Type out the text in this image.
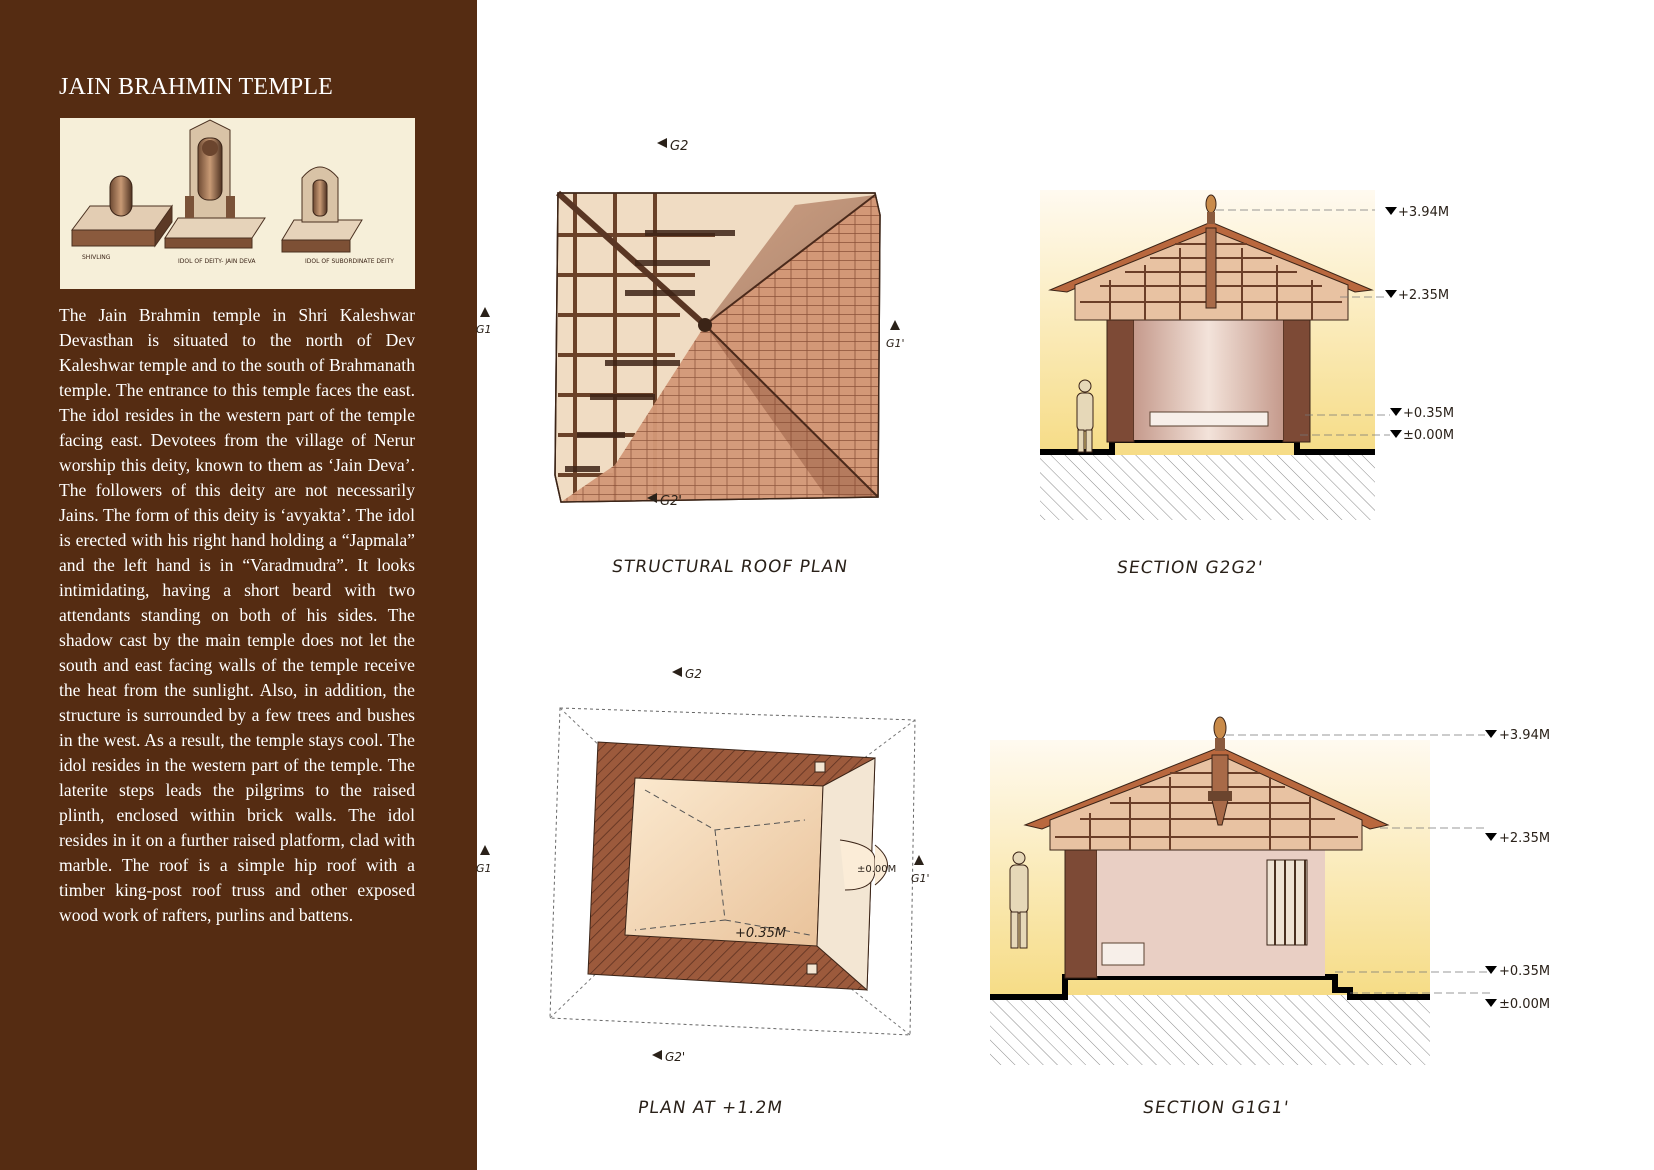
JAIN BRAHMIN TEMPLE
SHIVLING
IDOL OF DEITY- JAIN DEVA	IDOL OF SUBORDINATE DEITY

The Jain Brahmin temple in Shri Kaleshwar Devasthan is situated to the north of Dev Kaleshwar temple and to the south of Brahmanath temple. The entrance to this temple faces the east. The idol resides in the western part of the temple facing east. Devotees from the village of Nerur worship this deity, known to them as ‘Jain Deva’. The followers of this deity are not necessarily Jains. The form of this deity is ‘avyakta’. The idol is erected with his right hand holding a “Japmala” and the left hand is in “Varadmudra”. It looks intimidating, having a short beard with two attendants standing on both of his sides. The shadow cast by the main temple does not let the south and east facing walls of the temple receive the heat from the sunlight. Also, in addition, the structure is surrounded by a few trees and bushes in the west. As a result, the temple stays cool. The idol resides in the western part of the temple. The laterite steps leads the pilgrims to the raised plinth, enclosed within brick walls. The idol resides in it on a further raised platform, clad with marble. The roof is a simple hip roof with a timber king-post roof truss and other exposed wood work of rafters, purlins and battens.

G2
G2'
G1
G1'
STRUCTURAL ROOF PLAN
+3.94M
+2.35M
+0.35M
±0.00M
SECTION G2G2'
+0.35M
±0.00M
G2
G2'
G1
G1'
PLAN AT +1.2M
+3.94M
+2.35M
+0.35M
±0.00M
SECTION G1G1'
